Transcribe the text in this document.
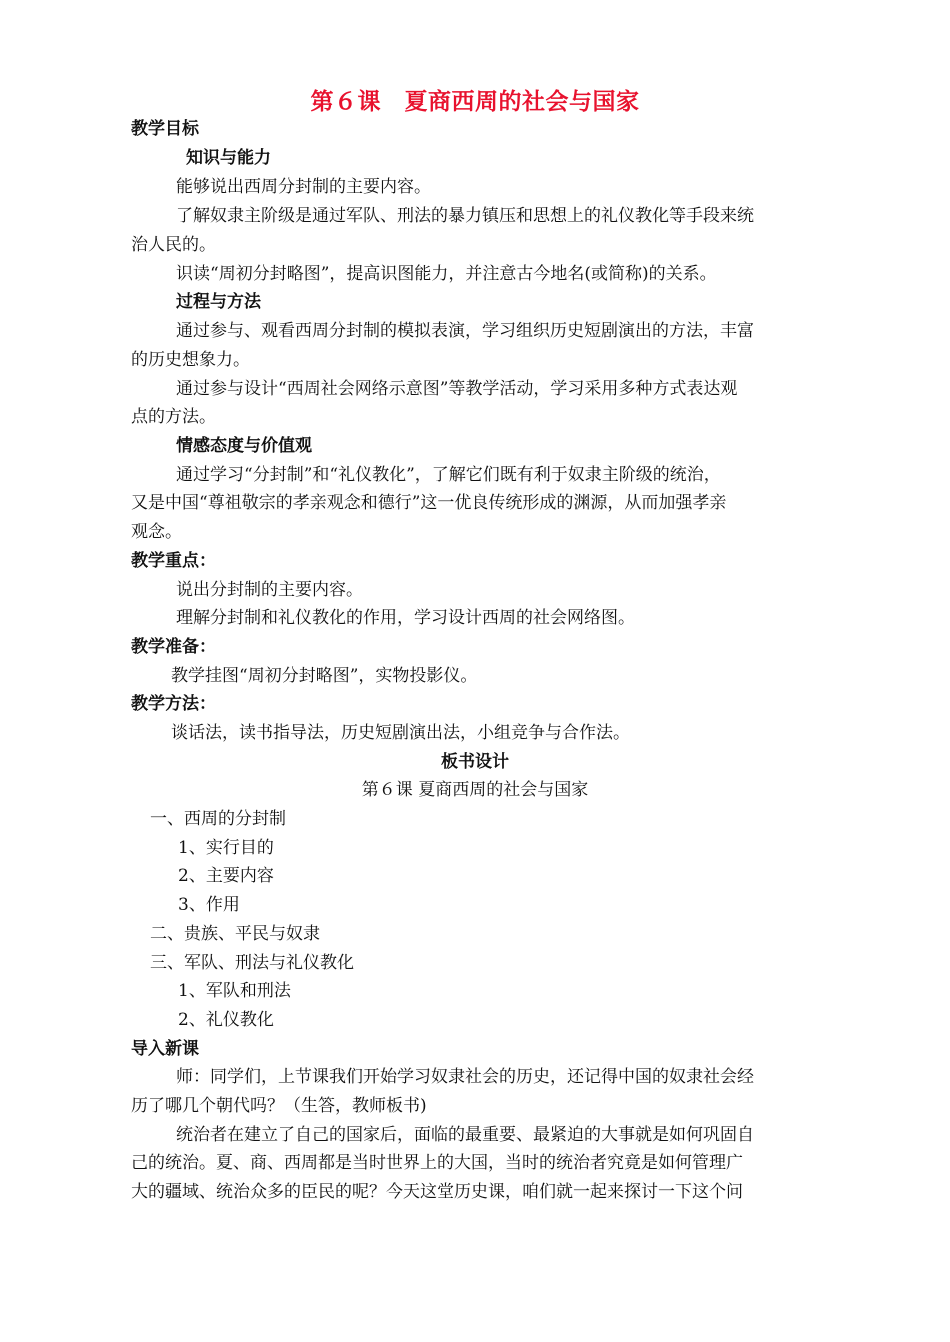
第６课　夏商西周的社会与国家
教学目标
知识与能力
能够说出西周分封制的主要内容。
了解奴隶主阶级是通过军队、刑法的暴力镇压和思想上的礼仪教化等手段来统
治人民的。
识读“周初分封略图”，提高识图能力，并注意古今地名(或简称)的关系。
过程与方法
通过参与、观看西周分封制的模拟表演，学习组织历史短剧演出的方法，丰富
的历史想象力。
通过参与设计“西周社会网络示意图”等教学活动，学习采用多种方式表达观
点的方法。
情感态度与价值观
通过学习“分封制”和“礼仪教化”，了解它们既有利于奴隶主阶级的统治，
又是中国“尊祖敬宗的孝亲观念和德行”这一优良传统形成的渊源，从而加强孝亲
观念。
教学重点：
说出分封制的主要内容。
理解分封制和礼仪教化的作用，学习设计西周的社会网络图。
教学准备：
教学挂图“周初分封略图”，实物投影仪。
教学方法：
谈话法，读书指导法，历史短剧演出法，小组竞争与合作法。
板书设计
第６课 夏商西周的社会与国家
一、西周的分封制
1、实行目的
2、主要内容
3、作用
二、贵族、平民与奴隶
三、军队、刑法与礼仪教化
1、军队和刑法
2、礼仪教化
导入新课
师：同学们，上节课我们开始学习奴隶社会的历史，还记得中国的奴隶社会经
历了哪几个朝代吗？（生答，教师板书)
统治者在建立了自己的国家后，面临的最重要、最紧迫的大事就是如何巩固自
己的统治。夏、商、西周都是当时世界上的大国，当时的统治者究竟是如何管理广
大的疆域、统治众多的臣民的呢？今天这堂历史课，咱们就一起来探讨一下这个问
